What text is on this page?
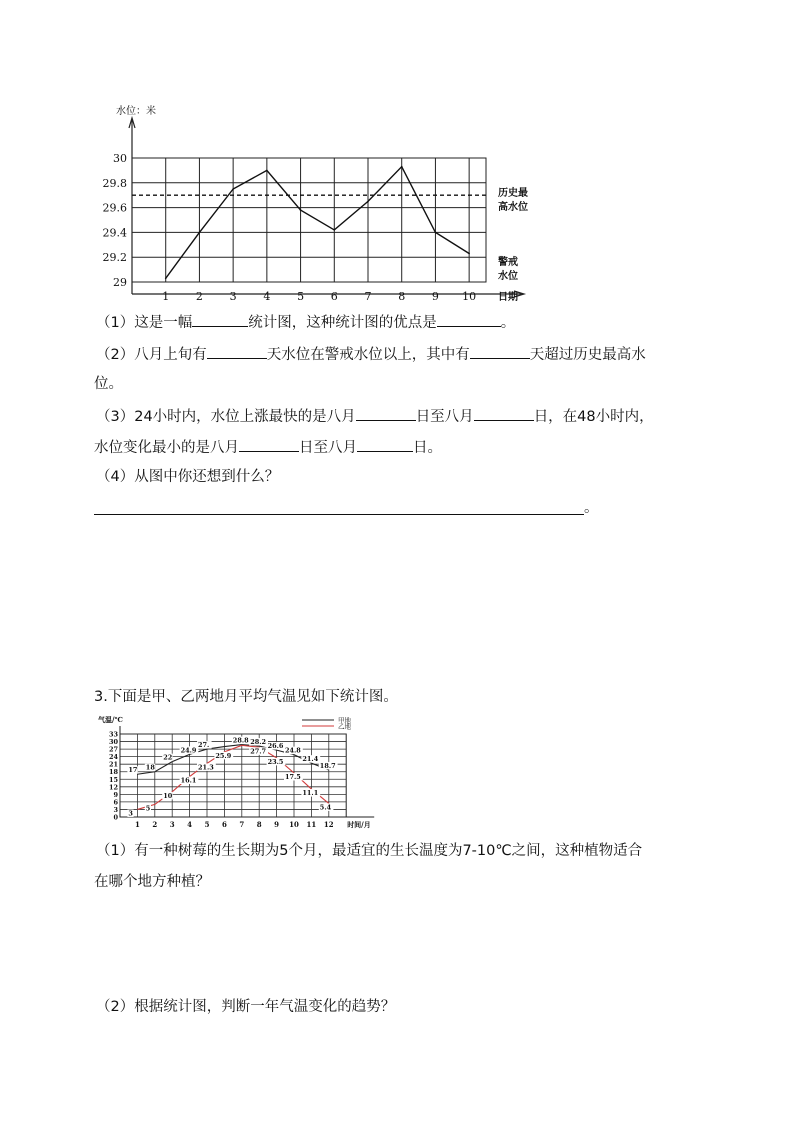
30
29.8
29.6
29.4
29.2
29
1 2 3 4 5 6 7 8 9 10
水位：米
日期
历史最
高水位
警戒
水位
（1）这是一幅	统计图，这种统计图的优点是	。
（2）八月上旬有	天水位在警戒水位以上，其中有	天超过历史最高水
位。
（3）24小时内，水位上涨最快的是八月	日至八月	日，在48小时内，
水位变化最小的是八月	日至八月	日。
（4）从图中你还想到什么？
。
3.下面是甲、乙两地月平均气温见如下统计图。
33
30
27
24
21
18
15
12
9
6
3
0
1 2 3 4 5 6 7 8 9 10 11 12
气温/℃
时间/月
17 18
22
24.9
27.
28.8 28.2
26.6
24.8
21.4
18.7
3
5
10
16.1
21.3
25.9
27.7
23.5
17.5
11.1
5.4
甲地
乙地
（1）有一种树莓的生长期为5个月，最适宜的生长温度为7-10℃之间，这种植物适合
在哪个地方种植？
（2）根据统计图，判断一年气温变化的趋势？
